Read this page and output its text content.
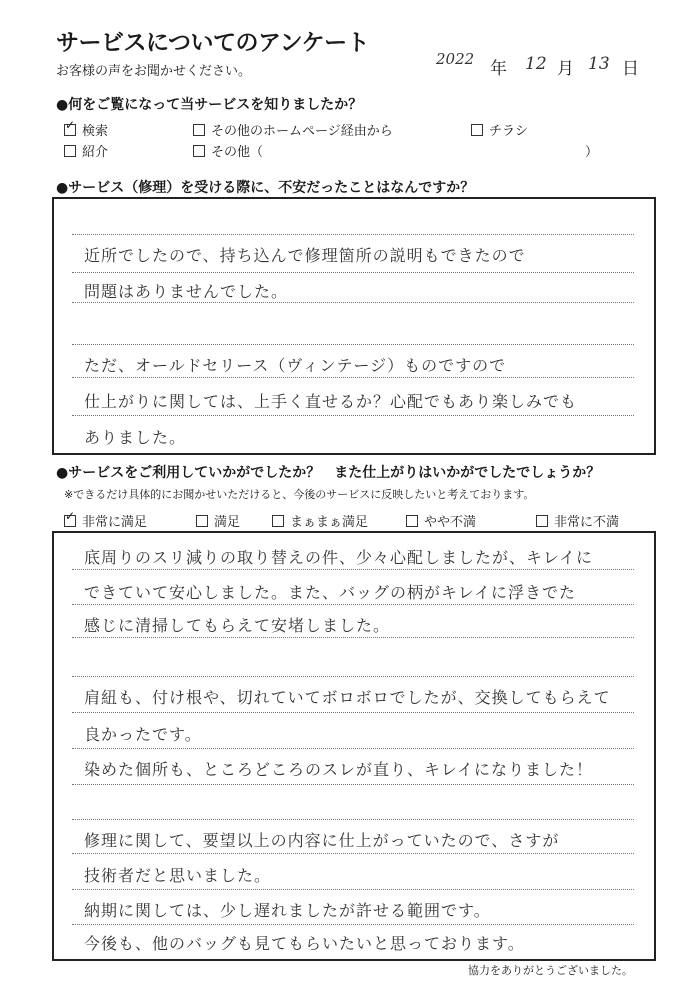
サービスについてのアンケート
お客様の声をお聞かせください。
2022 年 12 月 13 日
●何をご覧になって当サービスを知りましたか？
✓検索	その他のホームページ経由から	チラシ
紹介	その他（	）
●サービス（修理）を受ける際に、不安だったことはなんですか？
近所でしたので、持ち込んで修理箇所の説明もできたので
問題はありませんでした。
ただ、オールドセリース（ヴィンテージ）ものですので
仕上がりに関しては、上手く直せるか？心配でもあり楽しみでも
ありました。
●サービスをご利用していかがでしたか？　また仕上がりはいかがでしたでしょうか？
※できるだけ具体的にお聞かせいただけると、今後のサービスに反映したいと考えております。
✓非常に満足	満足	まぁまぁ満足	やや不満	非常に不満
底周りのスリ減りの取り替えの件、少々心配しましたが、キレイに
できていて安心しました。また、バッグの柄がキレイに浮きでた
感じに清掃してもらえて安堵しました。
肩紐も、付け根や、切れていてボロボロでしたが、交換してもらえて
良かったです。
染めた個所も、ところどころのスレが直り、キレイになりました！
修理に関して、要望以上の内容に仕上がっていたので、さすが
技術者だと思いました。
納期に関しては、少し遅れましたが許せる範囲です。
今後も、他のバッグも見てもらいたいと思っております。
協力をありがとうございました。
